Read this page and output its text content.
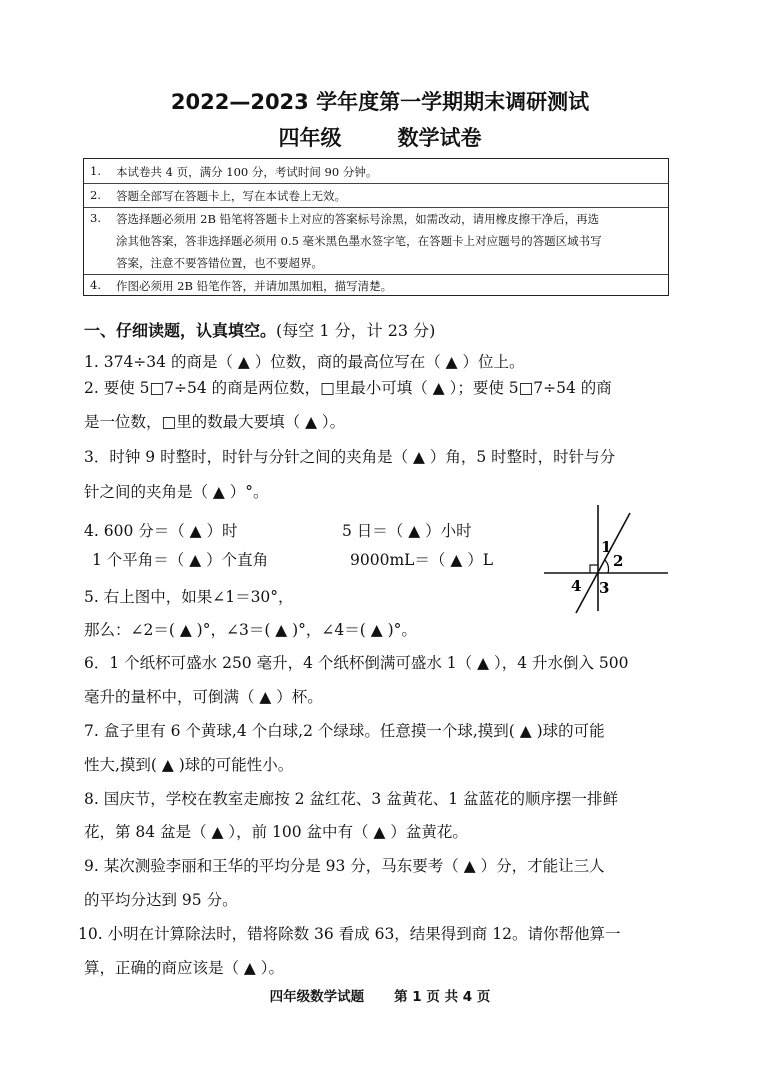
2022—2023 学年度第一学期期末调研测试
四年级	数学试卷
1.	本试卷共 4 页，满分 100 分，考试时间 90 分钟。
2.	答题全部写在答题卡上，写在本试卷上无效。
3.	答选择题必须用 2B 铅笔将答题卡上对应的答案标号涂黑，如需改动，请用橡皮擦干净后，再选
涂其他答案，答非选择题必须用 0.5 毫米黑色墨水签字笔，在答题卡上对应题号的答题区域书写
答案，注意不要答错位置，也不要超界。
4.	作图必须用 2B 铅笔作答，并请加黑加粗，描写清楚。
一、仔细读题，认真填空。(每空 1 分，计 23 分)
1. 374÷34 的商是（ ▲ ）位数，商的最高位写在（ ▲ ）位上。
2. 要使 5□7÷54 的商是两位数，□里最小可填（ ▲ ）；要使 5□7÷54 的商
是一位数，□里的数最大要填（ ▲ ）。
3．时钟 9 时整时，时针与分针之间的夹角是（ ▲ ）角，5 时整时，时针与分
针之间的夹角是（ ▲ ）°。
4. 600 分＝（ ▲ ）时	5 日＝（ ▲ ）小时
1 个平角＝（ ▲ ）个直角	9000mL＝（ ▲ ）L
1
2
3
4
5. 右上图中，如果∠1＝30°，
那么：∠2＝( ▲ )°，∠3＝( ▲ )°，∠4＝( ▲ )°。
6．1 个纸杯可盛水 250 毫升，4 个纸杯倒满可盛水 1（ ▲ ），4 升水倒入 500
毫升的量杯中，可倒满（ ▲ ）杯。
7. 盒子里有 6 个黄球,4 个白球,2 个绿球。任意摸一个球,摸到( ▲ )球的可能
性大,摸到( ▲ )球的可能性小。
8. 国庆节，学校在教室走廊按 2 盆红花、3 盆黄花、1 盆蓝花的顺序摆一排鲜
花，第 84 盆是（ ▲ ），前 100 盆中有（ ▲ ）盆黄花。
9. 某次测验李丽和王华的平均分是 93 分，马东要考（ ▲ ）分，才能让三人
的平均分达到 95 分。
10. 小明在计算除法时，错将除数 36 看成 63，结果得到商 12。请你帮他算一
算，正确的商应该是（ ▲ ）。
四年级数学试题 第 1 页 共 4 页
